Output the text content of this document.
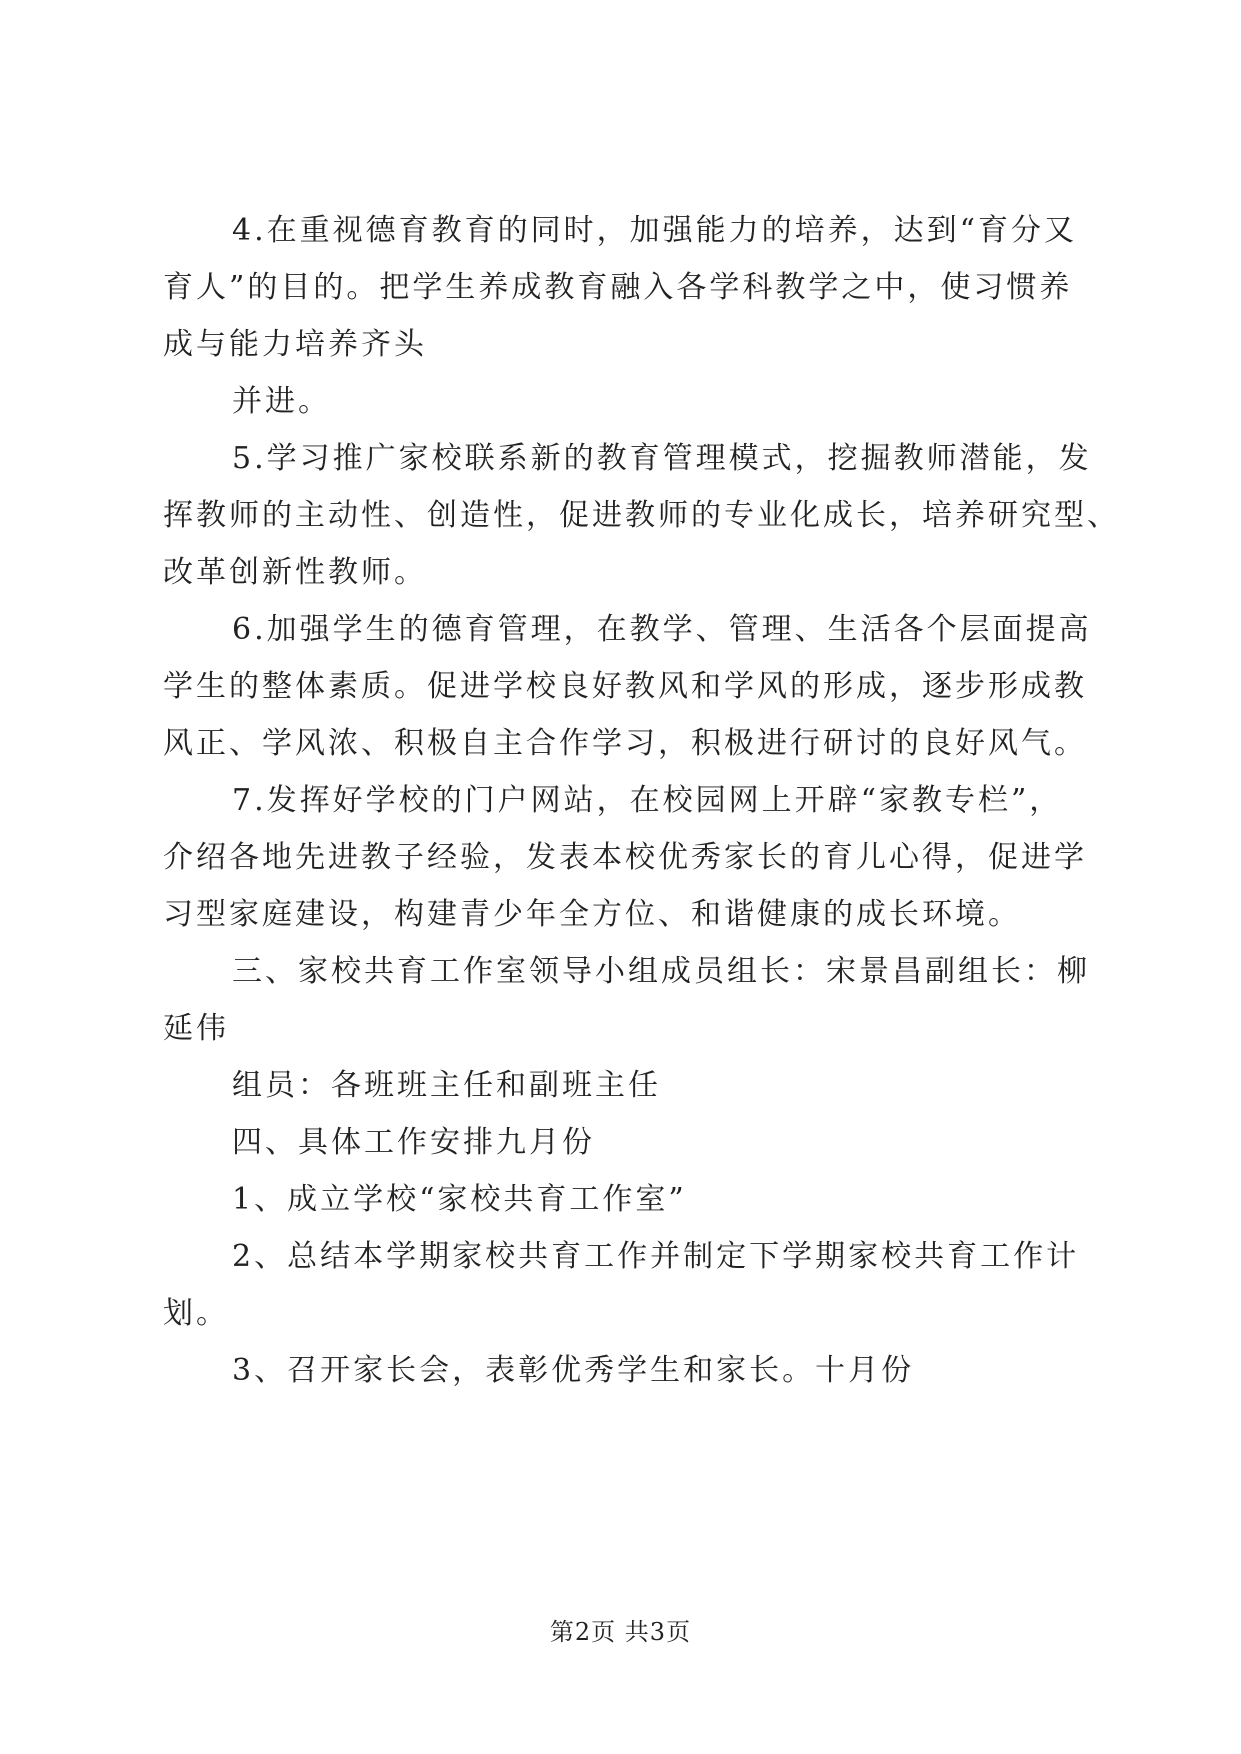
4.在重视德育教育的同时，加强能力的培养，达到“育分又
育人”的目的。把学生养成教育融入各学科教学之中，使习惯养
成与能力培养齐头
并进。
5.学习推广家校联系新的教育管理模式，挖掘教师潜能，发
挥教师的主动性、创造性，促进教师的专业化成长，培养研究型、
改革创新性教师。
6.加强学生的德育管理，在教学、管理、生活各个层面提高
学生的整体素质。促进学校良好教风和学风的形成，逐步形成教
风正、学风浓、积极自主合作学习，积极进行研讨的良好风气。
7.发挥好学校的门户网站，在校园网上开辟“家教专栏”，
介绍各地先进教子经验，发表本校优秀家长的育儿心得，促进学
习型家庭建设，构建青少年全方位、和谐健康的成长环境。
三、家校共育工作室领导小组成员组长：宋景昌副组长：柳
延伟
组员：各班班主任和副班主任
四、具体工作安排九月份
1、成立学校“家校共育工作室”
2、总结本学期家校共育工作并制定下学期家校共育工作计
划。
3、召开家长会，表彰优秀学生和家长。十月份
第2页 共3页
